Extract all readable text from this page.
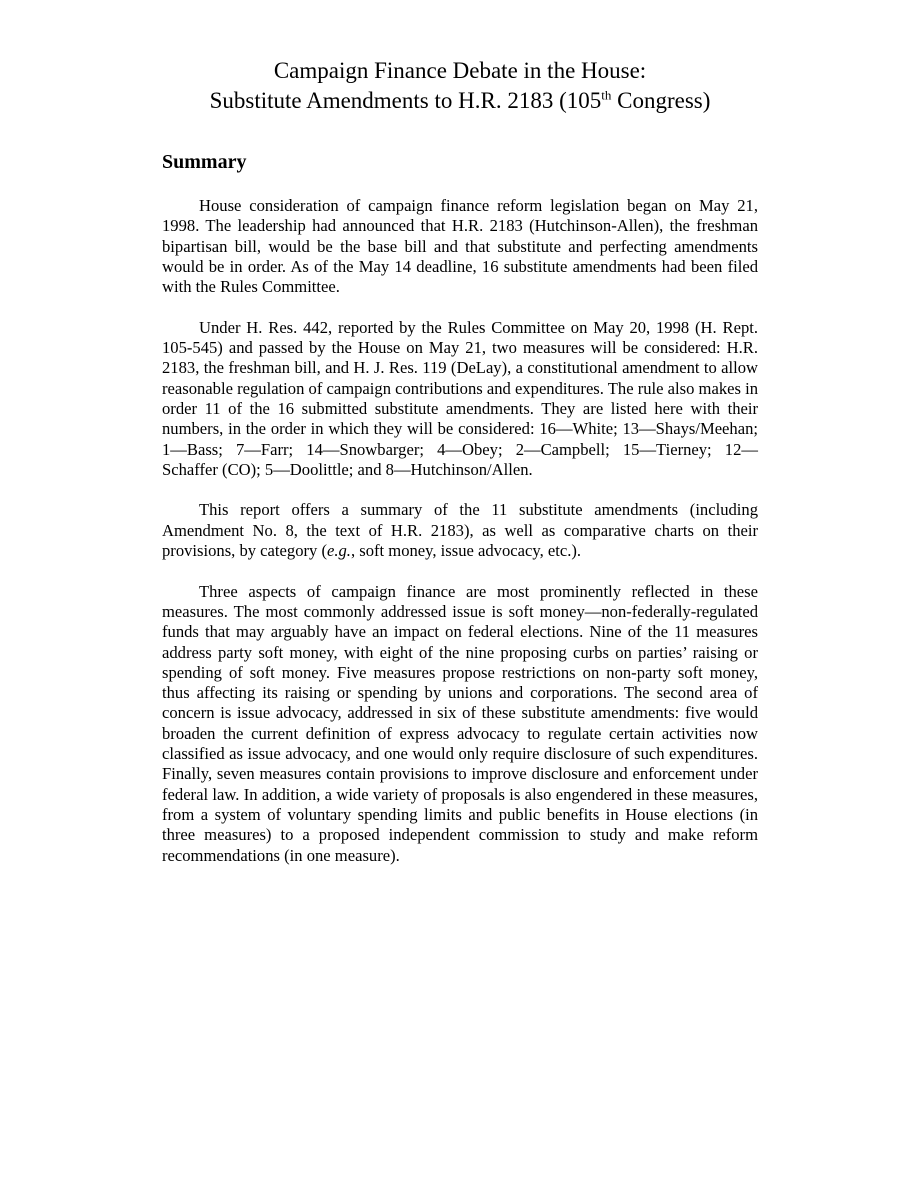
Campaign Finance Debate in the House:
Substitute Amendments to H.R. 2183 (105th Congress)
Summary

House consideration of campaign finance reform legislation began on May 21, 1998. The leadership had announced that H.R. 2183 (Hutchinson-Allen), the freshman bipartisan bill, would be the base bill and that substitute and perfecting amendments would be in order. As of the May 14 deadline, 16 substitute amendments had been filed with the Rules Committee.

Under H. Res. 442, reported by the Rules Committee on May 20, 1998 (H. Rept. 105-545) and passed by the House on May 21, two measures will be considered: H.R. 2183, the freshman bill, and H. J. Res. 119 (DeLay), a constitutional amendment to allow reasonable regulation of campaign contributions and expenditures. The rule also makes in order 11 of the 16 submitted substitute amendments. They are listed here with their numbers, in the order in which they will be considered: 16—White; 13—Shays/Meehan; 1—Bass; 7—Farr; 14—Snowbarger; 4—Obey; 2—Campbell; 15—Tierney; 12—Schaffer (CO); 5—Doolittle; and 8—Hutchinson/Allen.

This report offers a summary of the 11 substitute amendments (including Amendment No. 8, the text of H.R. 2183), as well as comparative charts on their provisions, by category (e.g., soft money, issue advocacy, etc.).

Three aspects of campaign finance are most prominently reflected in these measures. The most commonly addressed issue is soft money—non-federally-regulated funds that may arguably have an impact on federal elections. Nine of the 11 measures address party soft money, with eight of the nine proposing curbs on parties’ raising or spending of soft money. Five measures propose restrictions on non-party soft money, thus affecting its raising or spending by unions and corporations. The second area of concern is issue advocacy, addressed in six of these substitute amendments: five would broaden the current definition of express advocacy to regulate certain activities now classified as issue advocacy, and one would only require disclosure of such expenditures. Finally, seven measures contain provisions to improve disclosure and enforcement under federal law. In addition, a wide variety of proposals is also engendered in these measures, from a system of voluntary spending limits and public benefits in House elections (in three measures) to a proposed independent commission to study and make reform recommendations (in one measure).
